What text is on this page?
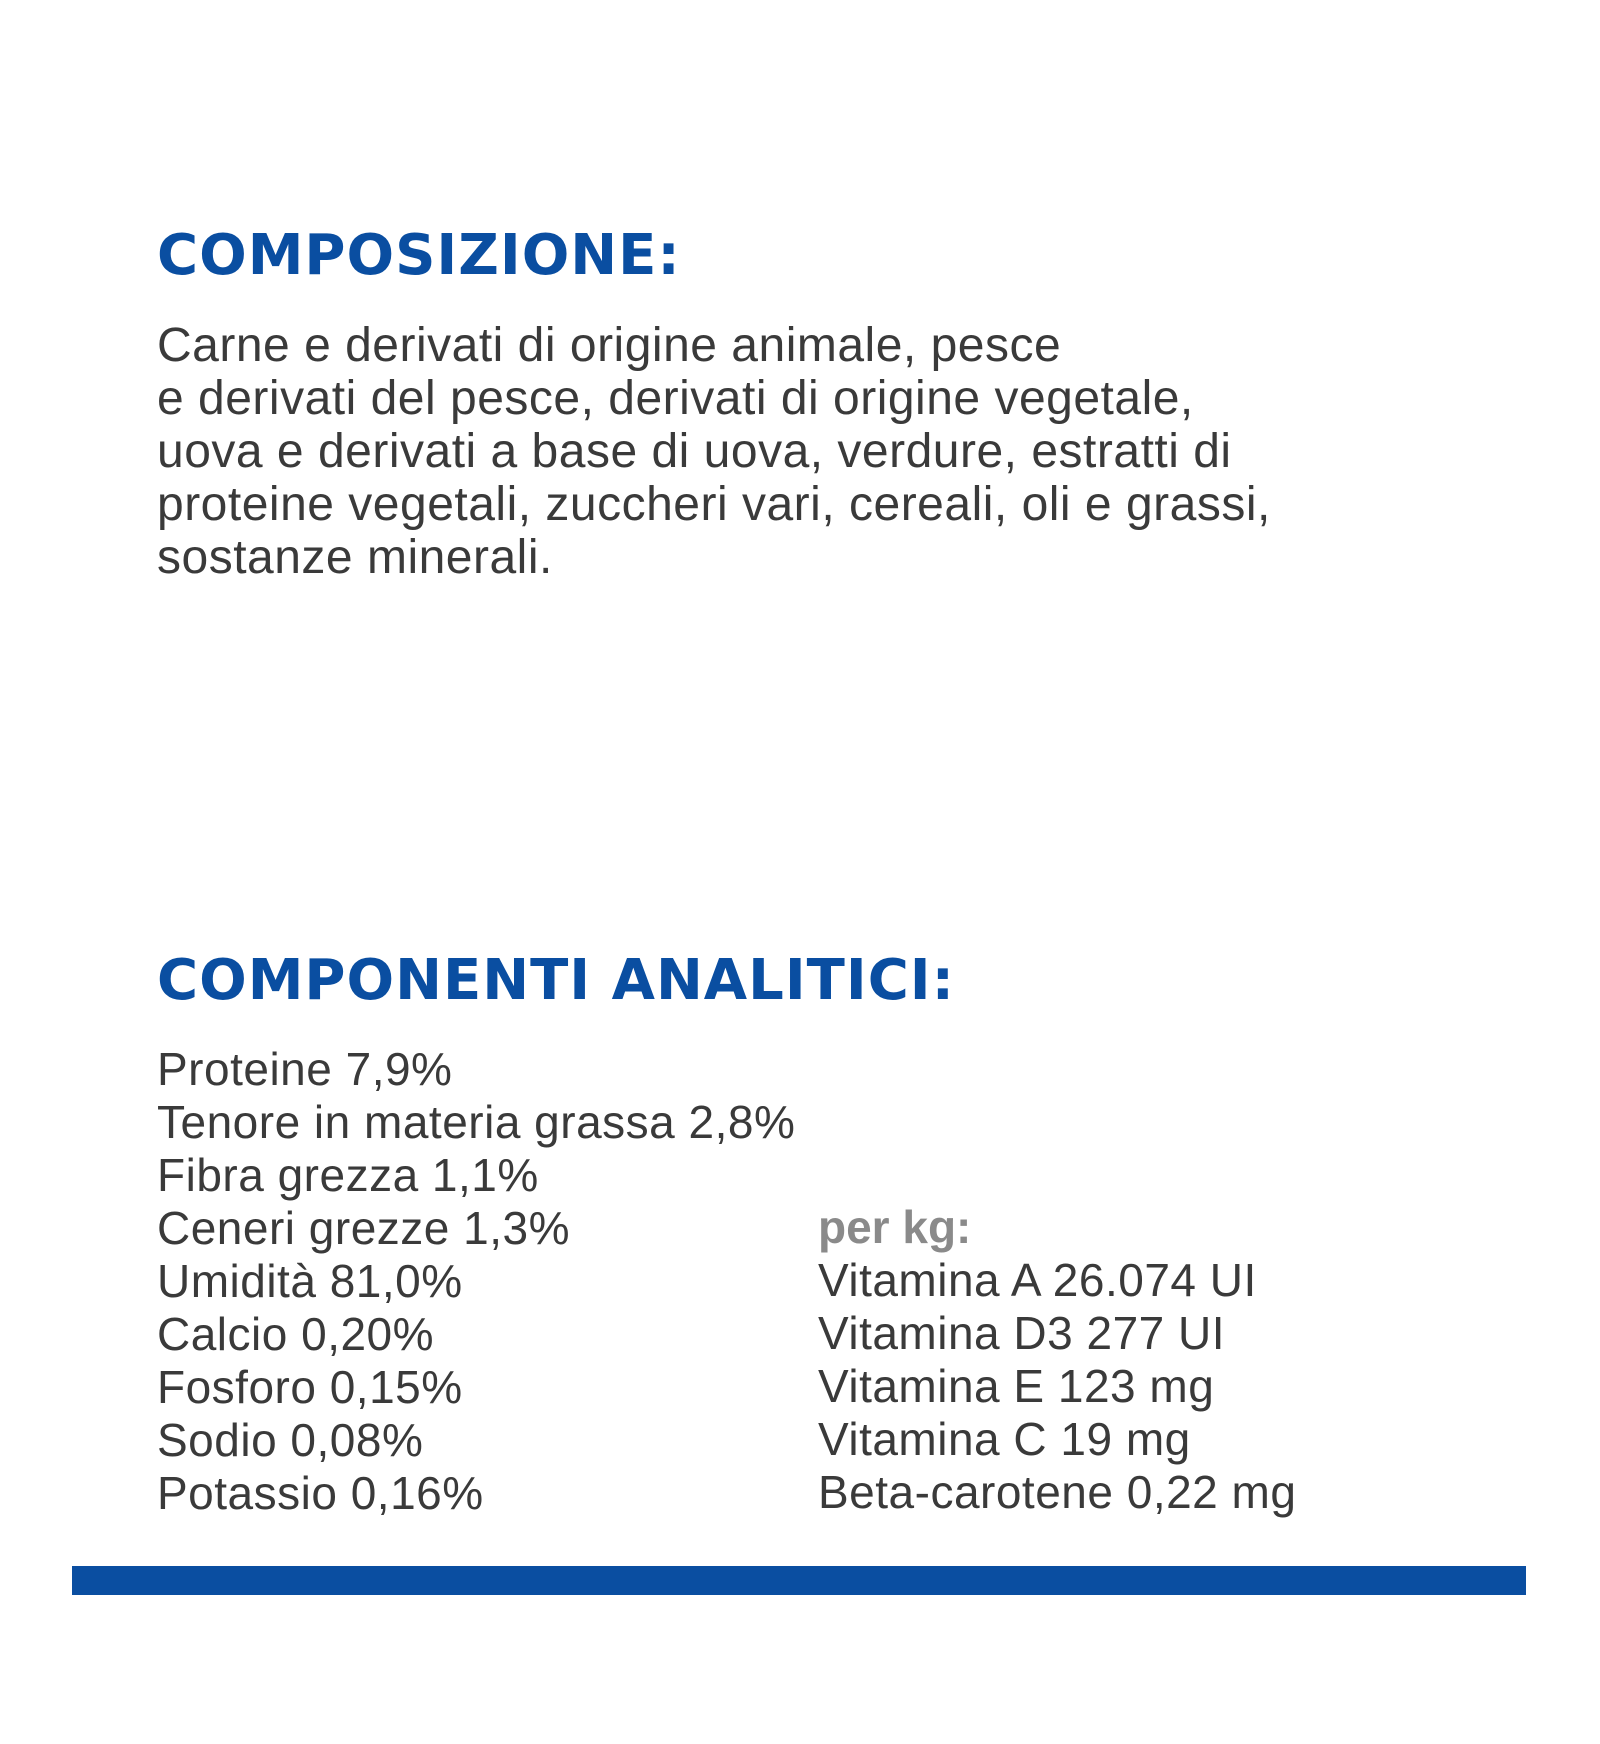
COMPOSIZIONE:

Carne e derivati di origine animale, pesce
e derivati del pesce, derivati di origine vegetale,
uova e derivati a base di uova, verdure, estratti di
proteine vegetali, zuccheri vari, cereali, oli e grassi,
sostanze minerali.

COMPONENTI ANALITICI:
Proteine 7,9%
Tenore in materia grassa 2,8%
Fibra grezza 1,1%
Ceneri grezze 1,3%
Umidità 81,0%
Calcio 0,20%
Fosforo 0,15%
Sodio 0,08%
Potassio 0,16%
per kg:
Vitamina A 26.074 UI
Vitamina D3 277 UI
Vitamina E 123 mg
Vitamina C 19 mg
Beta-carotene 0,22 mg
